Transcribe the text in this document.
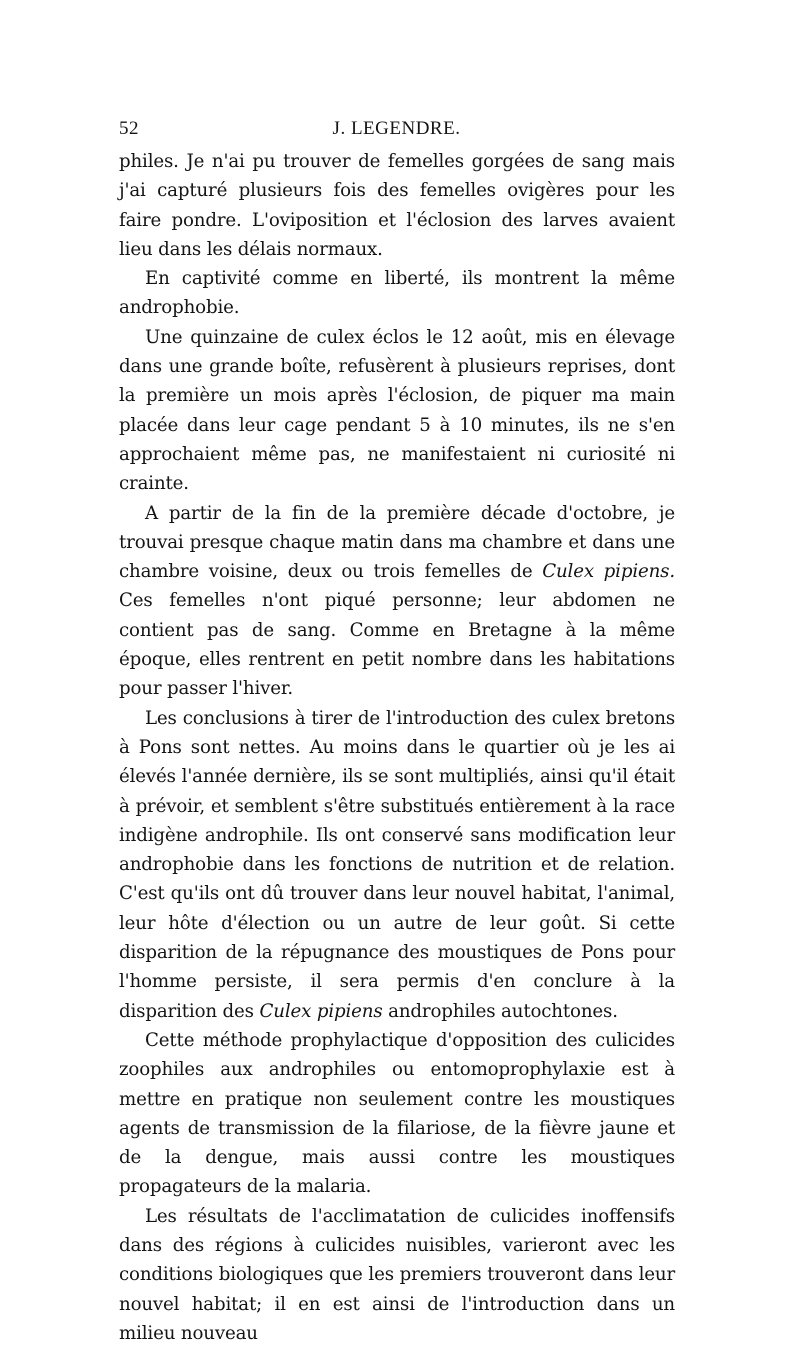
52	J. LEGENDRE.

philes. Je n'ai pu trouver de femelles gorgées de sang mais j'ai capturé plusieurs fois des femelles ovigères pour les faire pondre. L'oviposition et l'éclosion des larves avaient lieu dans les délais normaux.

En captivité comme en liberté, ils montrent la même androphobie.

Une quinzaine de culex éclos le 12 août, mis en élevage dans une grande boîte, refusèrent à plusieurs reprises, dont la première un mois après l'éclosion, de piquer ma main placée dans leur cage pendant 5 à 10 minutes, ils ne s'en approchaient même pas, ne manifestaient ni curiosité ni crainte.

A partir de la fin de la première décade d'octobre, je trouvai presque chaque matin dans ma chambre et dans une chambre voisine, deux ou trois femelles de Culex pipiens. Ces femelles n'ont piqué personne; leur abdomen ne contient pas de sang. Comme en Bretagne à la même époque, elles rentrent en petit nombre dans les habitations pour passer l'hiver.

Les conclusions à tirer de l'introduction des culex bretons à Pons sont nettes. Au moins dans le quartier où je les ai élevés l'année dernière, ils se sont multipliés, ainsi qu'il était à prévoir, et semblent s'être substitués entièrement à la race indigène androphile. Ils ont conservé sans modification leur androphobie dans les fonctions de nutrition et de relation. C'est qu'ils ont dû trouver dans leur nouvel habitat, l'animal, leur hôte d'élection ou un autre de leur goût. Si cette disparition de la répugnance des moustiques de Pons pour l'homme persiste, il sera permis d'en conclure à la disparition des Culex pipiens androphiles autochtones.

Cette méthode prophylactique d'opposition des culicides zoophiles aux androphiles ou entomoprophylaxie est à mettre en pratique non seulement contre les moustiques agents de transmission de la filariose, de la fièvre jaune et de la dengue, mais aussi contre les moustiques propagateurs de la malaria.

Les résultats de l'acclimatation de culicides inoffensifs dans des régions à culicides nuisibles, varieront avec les conditions biologiques que les premiers trouveront dans leur nouvel habitat; il en est ainsi de l'introduction dans un milieu nouveau
